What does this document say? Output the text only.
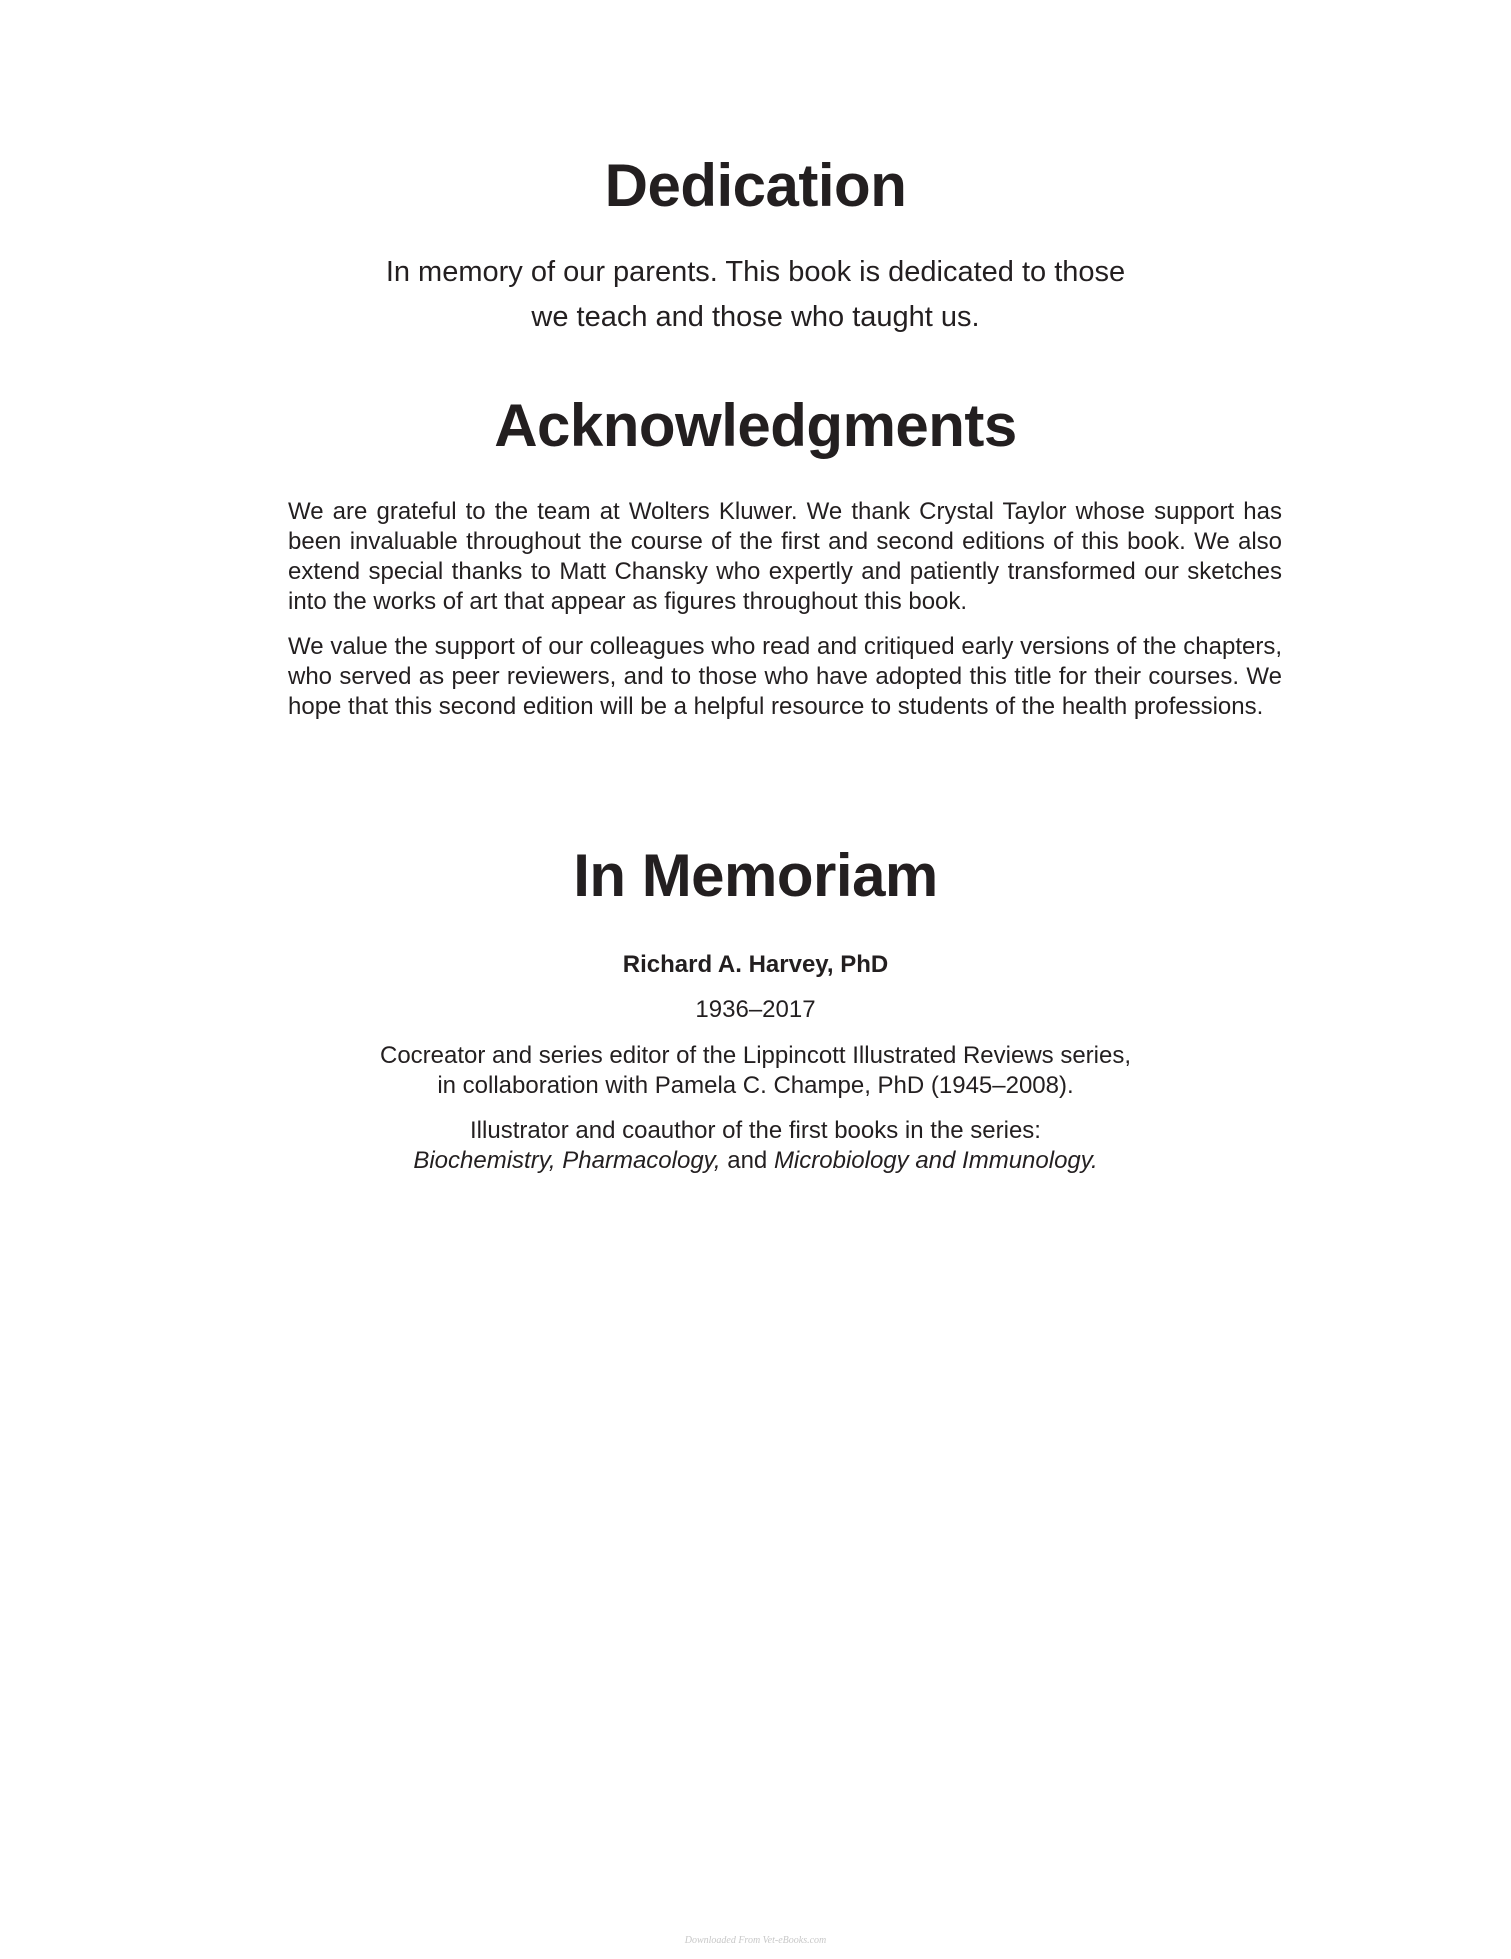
Dedication

In memory of our parents. This book is dedicated to those

we teach and those who taught us.

Acknowledgments

We are grateful to the team at Wolters Kluwer. We thank Crystal Taylor whose support has been invaluable throughout the course of the first and second editions of this book. We also extend special thanks to Matt Chansky who expertly and patiently transformed our sketches into the works of art that appear as figures throughout this book.

We value the support of our colleagues who read and critiqued early versions of the chapters, who served as peer reviewers, and to those who have adopted this title for their courses. We hope that this second edition will be a helpful resource to students of the health professions.

In Memoriam

Richard A. Harvey, PhD

1936–2017

Cocreator and series editor of the Lippincott Illustrated Reviews series,
in collaboration with Pamela C. Champe, PhD (1945–2008).

Illustrator and coauthor of the first books in the series:
Biochemistry, Pharmacology, and Microbiology and Immunology.

Downloaded From Vet-eBooks.com
